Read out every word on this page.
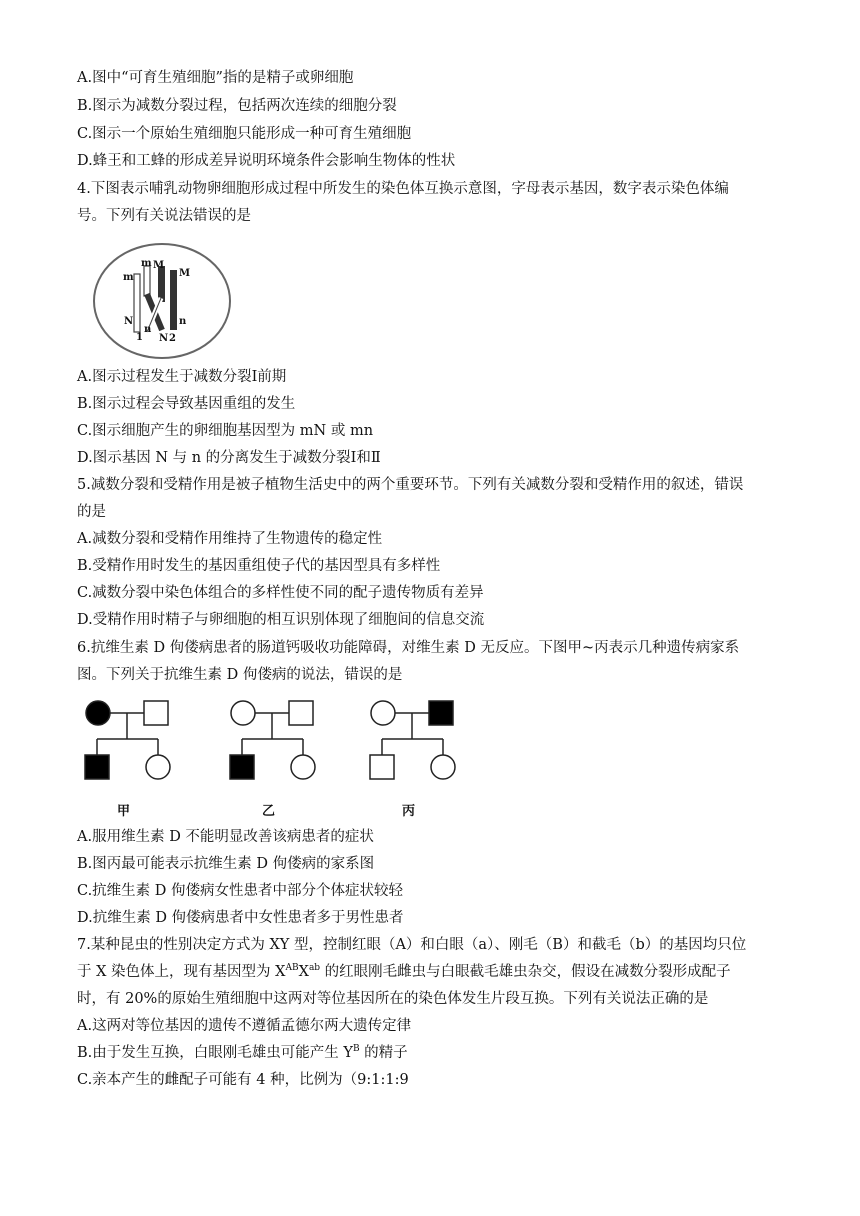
A.图中“可育生殖细胞”指的是精子或卵细胞
B.图示为减数分裂过程，包括两次连续的细胞分裂
C.图示一个原始生殖细胞只能形成一种可育生殖细胞
D.蜂王和工蜂的形成差异说明环境条件会影响生物体的性状
4.下图表示哺乳动物卵细胞形成过程中所发生的染色体互换示意图，字母表示基因，数字表示染色体编
号。下列有关说法错误的是
m
m M
M
N
n
N
n
1	2
A.图示过程发生于减数分裂Ⅰ前期
B.图示过程会导致基因重组的发生
C.图示细胞产生的卵细胞基因型为 mN 或 mn
D.图示基因 N 与 n 的分离发生于减数分裂Ⅰ和Ⅱ
5.减数分裂和受精作用是被子植物生活史中的两个重要环节。下列有关减数分裂和受精作用的叙述，错误
的是
A.减数分裂和受精作用维持了生物遗传的稳定性
B.受精作用时发生的基因重组使子代的基因型具有多样性
C.减数分裂中染色体组合的多样性使不同的配子遗传物质有差异
D.受精作用时精子与卵细胞的相互识别体现了细胞间的信息交流
6.抗维生素 D 佝偻病患者的肠道钙吸收功能障碍，对维生素 D 无反应。下图甲~丙表示几种遗传病家系
图。下列关于抗维生素 D 佝偻病的说法，错误的是
甲	乙	丙
A.服用维生素 D 不能明显改善该病患者的症状
B.图丙最可能表示抗维生素 D 佝偻病的家系图
C.抗维生素 D 佝偻病女性患者中部分个体症状较轻
D.抗维生素 D 佝偻病患者中女性患者多于男性患者
7.某种昆虫的性别决定方式为 XY 型，控制红眼（A）和白眼（a）、刚毛（B）和截毛（b）的基因均只位
于 X 染色体上，现有基因型为 $X^{AB}X^{ab}$ 的红眼刚毛雌虫与白眼截毛雄虫杂交，假设在减数分裂形成配子
时，有 20%的原始生殖细胞中这两对等位基因所在的染色体发生片段互换。下列有关说法正确的是
A.这两对等位基因的遗传不遵循孟德尔两大遗传定律
B.由于发生互换，白眼刚毛雄虫可能产生 $Y^B$ 的精子
C.亲本产生的雌配子可能有 4 种，比例为（9:1:1:9
